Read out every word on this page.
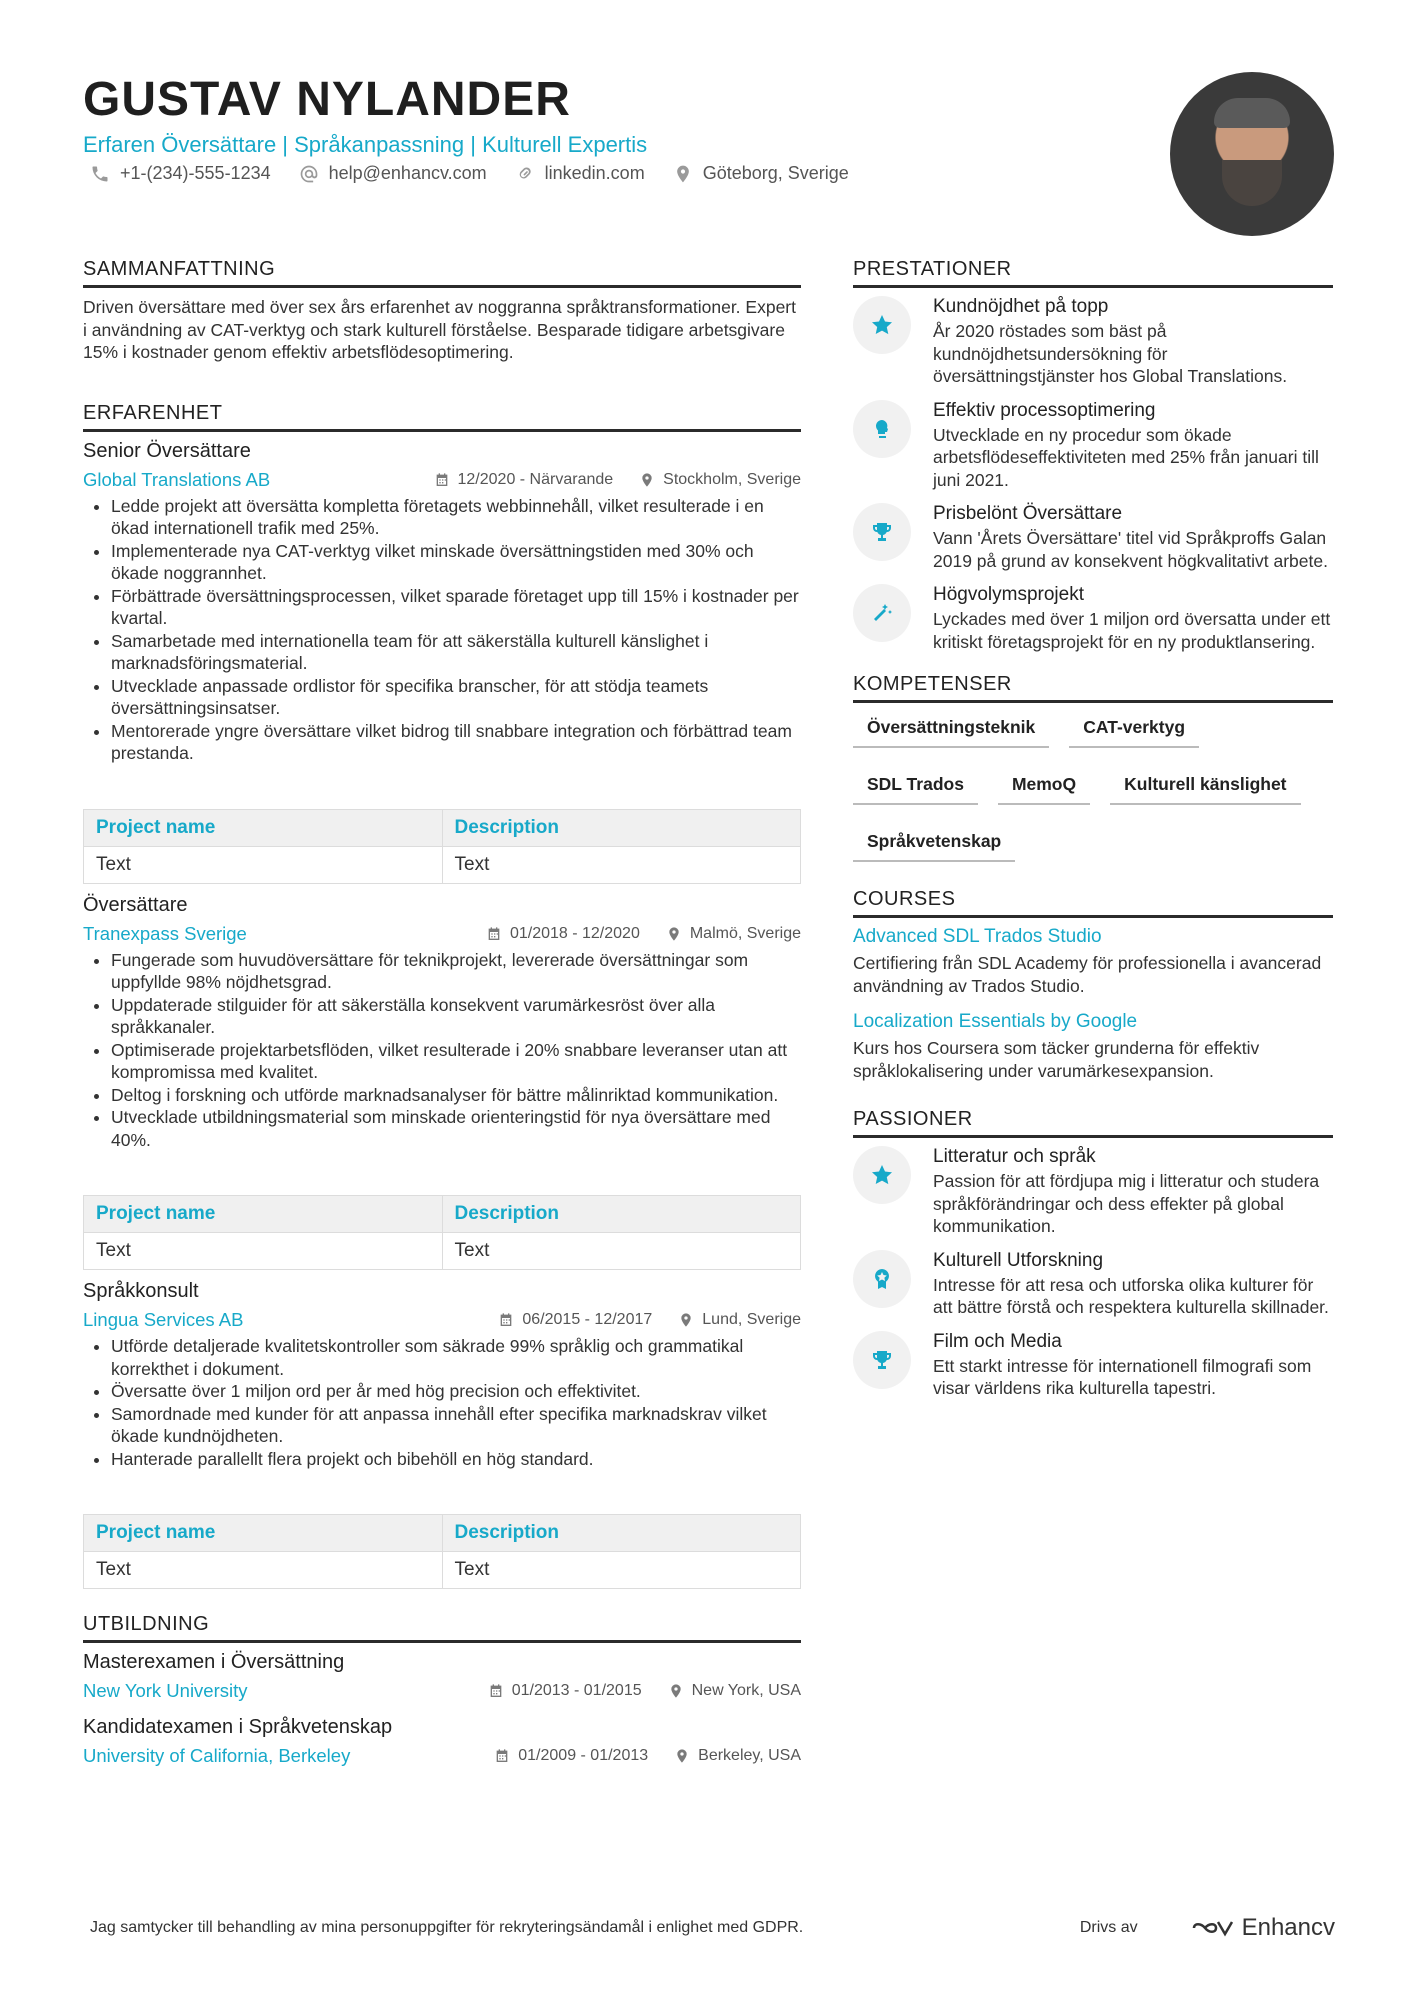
GUSTAV NYLANDER
Erfaren Översättare | Språkanpassning | Kulturell Expertis
+1-(234)-555-1234	help@enhancv.com	linkedin.com	Göteborg, Sverige
SAMMANFATTNING

Driven översättare med över sex års erfarenhet av noggranna språktransformationer. Expert i användning av CAT-verktyg och stark kulturell förståelse. Besparade tidigare arbetsgivare 15% i kostnader genom effektiv arbetsflödesoptimering.

ERFARENHET
Senior Översättare
Global Translations AB	12/2020 - Närvarande	Stockholm, Sverige
• Ledde projekt att översätta kompletta företagets webbinnehåll, vilket resulterade i en ökad internationell trafik med 25%.
• Implementerade nya CAT-verktyg vilket minskade översättningstiden med 30% och ökade noggrannhet.
• Förbättrade översättningsprocessen, vilket sparade företaget upp till 15% i kostnader per kvartal.
• Samarbetade med internationella team för att säkerställa kulturell känslighet i marknadsföringsmaterial.
• Utvecklade anpassade ordlistor för specifika branscher, för att stödja teamets översättningsinsatser.
• Mentorerade yngre översättare vilket bidrog till snabbare integration och förbättrad team prestanda.
Project name	Description
Text	Text
Översättare
Tranexpass Sverige	01/2018 - 12/2020	Malmö, Sverige
• Fungerade som huvudöversättare för teknikprojekt, levererade översättningar som uppfyllde 98% nöjdhetsgrad.
• Uppdaterade stilguider för att säkerställa konsekvent varumärkesröst över alla språkkanaler.
• Optimiserade projektarbetsflöden, vilket resulterade i 20% snabbare leveranser utan att kompromissa med kvalitet.
• Deltog i forskning och utförde marknadsanalyser för bättre målinriktad kommunikation.
• Utvecklade utbildningsmaterial som minskade orienteringstid för nya översättare med 40%.
Project name	Description
Text	Text
Språkkonsult
Lingua Services AB	06/2015 - 12/2017	Lund, Sverige
• Utförde detaljerade kvalitetskontroller som säkrade 99% språklig och grammatikal korrekthet i dokument.
• Översatte över 1 miljon ord per år med hög precision och effektivitet.
• Samordnade med kunder för att anpassa innehåll efter specifika marknadskrav vilket ökade kundnöjdheten.
• Hanterade parallellt flera projekt och bibehöll en hög standard.
Project name	Description
Text	Text
UTBILDNING
Masterexamen i Översättning
New York University	01/2013 - 01/2015	New York, USA
Kandidatexamen i Språkvetenskap
University of California, Berkeley	01/2009 - 01/2013	Berkeley, USA
PRESTATIONER
Kundnöjdhet på topp

År 2020 röstades som bäst på kundnöjdhetsundersökning för översättningstjänster hos Global Translations.

Effektiv processoptimering

Utvecklade en ny procedur som ökade arbetsflödeseffektiviteten med 25% från januari till juni 2021.

Prisbelönt Översättare

Vann 'Årets Översättare' titel vid Språkproffs Galan 2019 på grund av konsekvent högkvalitativt arbete.

Högvolymsprojekt

Lyckades med över 1 miljon ord översatta under ett kritiskt företagsprojekt för en ny produktlansering.

KOMPETENSER
Översättningsteknik	CAT-verktyg
SDL Trados	MemoQ	Kulturell känslighet
Språkvetenskap
COURSES
Advanced SDL Trados Studio

Certifiering från SDL Academy för professionella i avancerad användning av Trados Studio.

Localization Essentials by Google

Kurs hos Coursera som täcker grunderna för effektiv språklokalisering under varumärkesexpansion.

PASSIONER
Litteratur och språk

Passion för att fördjupa mig i litteratur och studera språkförändringar och dess effekter på global kommunikation.

Kulturell Utforskning

Intresse för att resa och utforska olika kulturer för att bättre förstå och respektera kulturella skillnader.

Film och Media

Ett starkt intresse för internationell filmografi som visar världens rika kulturella tapestri.

Jag samtycker till behandling av mina personuppgifter för rekryteringsändamål i enlighet med GDPR.	Drivs av	Enhancv
